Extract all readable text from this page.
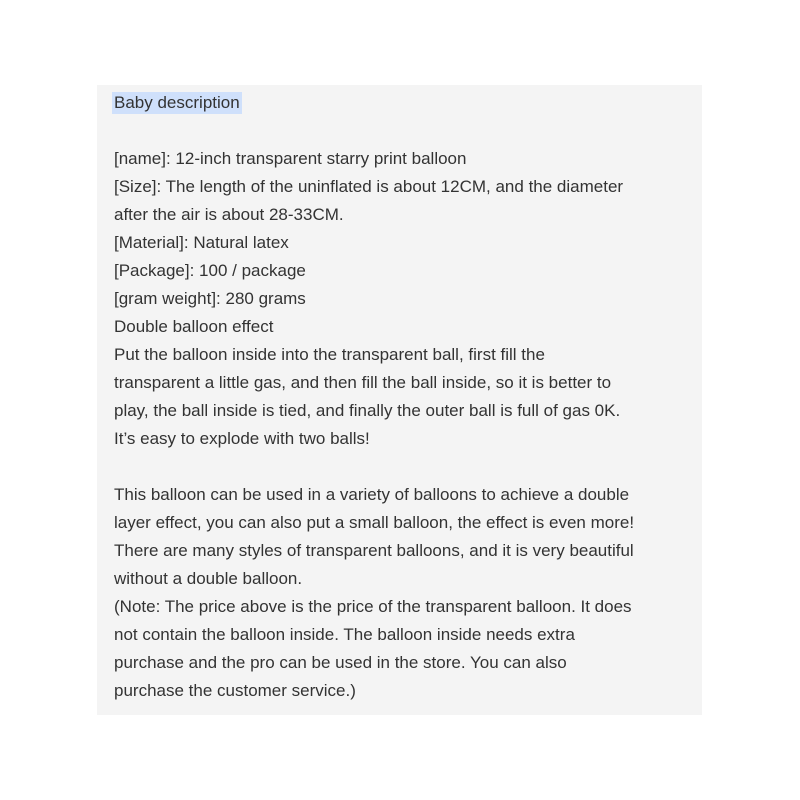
Baby description
[name]: 12-inch transparent starry print balloon
[Size]: The length of the uninflated is about 12CM, and the diameter
after the air is about 28-33CM.
[Material]: Natural latex
[Package]: 100 / package
[gram weight]: 280 grams
Double balloon effect
Put the balloon inside into the transparent ball, first fill the
transparent a little gas, and then fill the ball inside, so it is better to
play, the ball inside is tied, and finally the outer ball is full of gas 0K.
It’s easy to explode with two balls!
This balloon can be used in a variety of balloons to achieve a double
layer effect, you can also put a small balloon, the effect is even more!
There are many styles of transparent balloons, and it is very beautiful
without a double balloon.
(Note: The price above is the price of the transparent balloon. It does
not contain the balloon inside. The balloon inside needs extra
purchase and the pro can be used in the store. You can also
purchase the customer service.)
